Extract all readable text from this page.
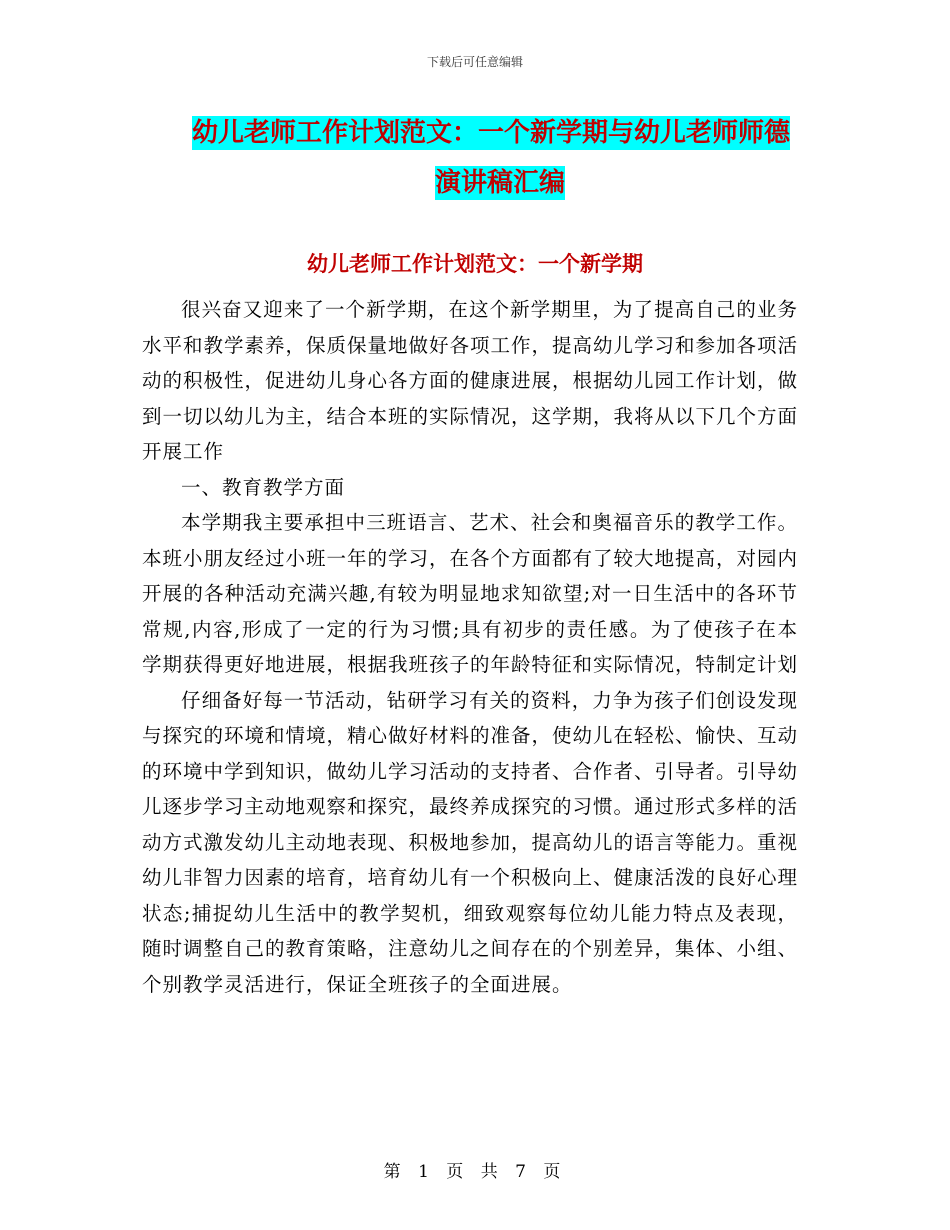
下载后可任意编辑
幼儿老师工作计划范文：一个新学期与幼儿老师师德
演讲稿汇编
幼儿老师工作计划范文：一个新学期

很兴奋又迎来了一个新学期，在这个新学期里，为了提高自己的业务水平和教学素养，保质保量地做好各项工作，提高幼儿学习和参加各项活动的积极性，促进幼儿身心各方面的健康进展，根据幼儿园工作计划，做到一切以幼儿为主，结合本班的实际情况，这学期，我将从以下几个方面开展工作

一、教育教学方面

本学期我主要承担中三班语言、艺术、社会和奥福音乐的教学工作。本班小朋友经过小班一年的学习，在各个方面都有了较大地提高，对园内开展的各种活动充满兴趣,有较为明显地求知欲望;对一日生活中的各环节常规,内容,形成了一定的行为习惯;具有初步的责任感。为了使孩子在本学期获得更好地进展，根据我班孩子的年龄特征和实际情况，特制定计划

仔细备好每一节活动，钻研学习有关的资料，力争为孩子们创设发现与探究的环境和情境，精心做好材料的准备，使幼儿在轻松、愉快、互动的环境中学到知识，做幼儿学习活动的支持者、合作者、引导者。引导幼儿逐步学习主动地观察和探究，最终养成探究的习惯。通过形式多样的活动方式激发幼儿主动地表现、积极地参加，提高幼儿的语言等能力。重视幼儿非智力因素的培育，培育幼儿有一个积极向上、健康活泼的良好心理状态;捕捉幼儿生活中的教学契机，细致观察每位幼儿能力特点及表现，随时调整自己的教育策略，注意幼儿之间存在的个别差异，集体、小组、个别教学灵活进行，保证全班孩子的全面进展。

第 1 页 共 7 页
